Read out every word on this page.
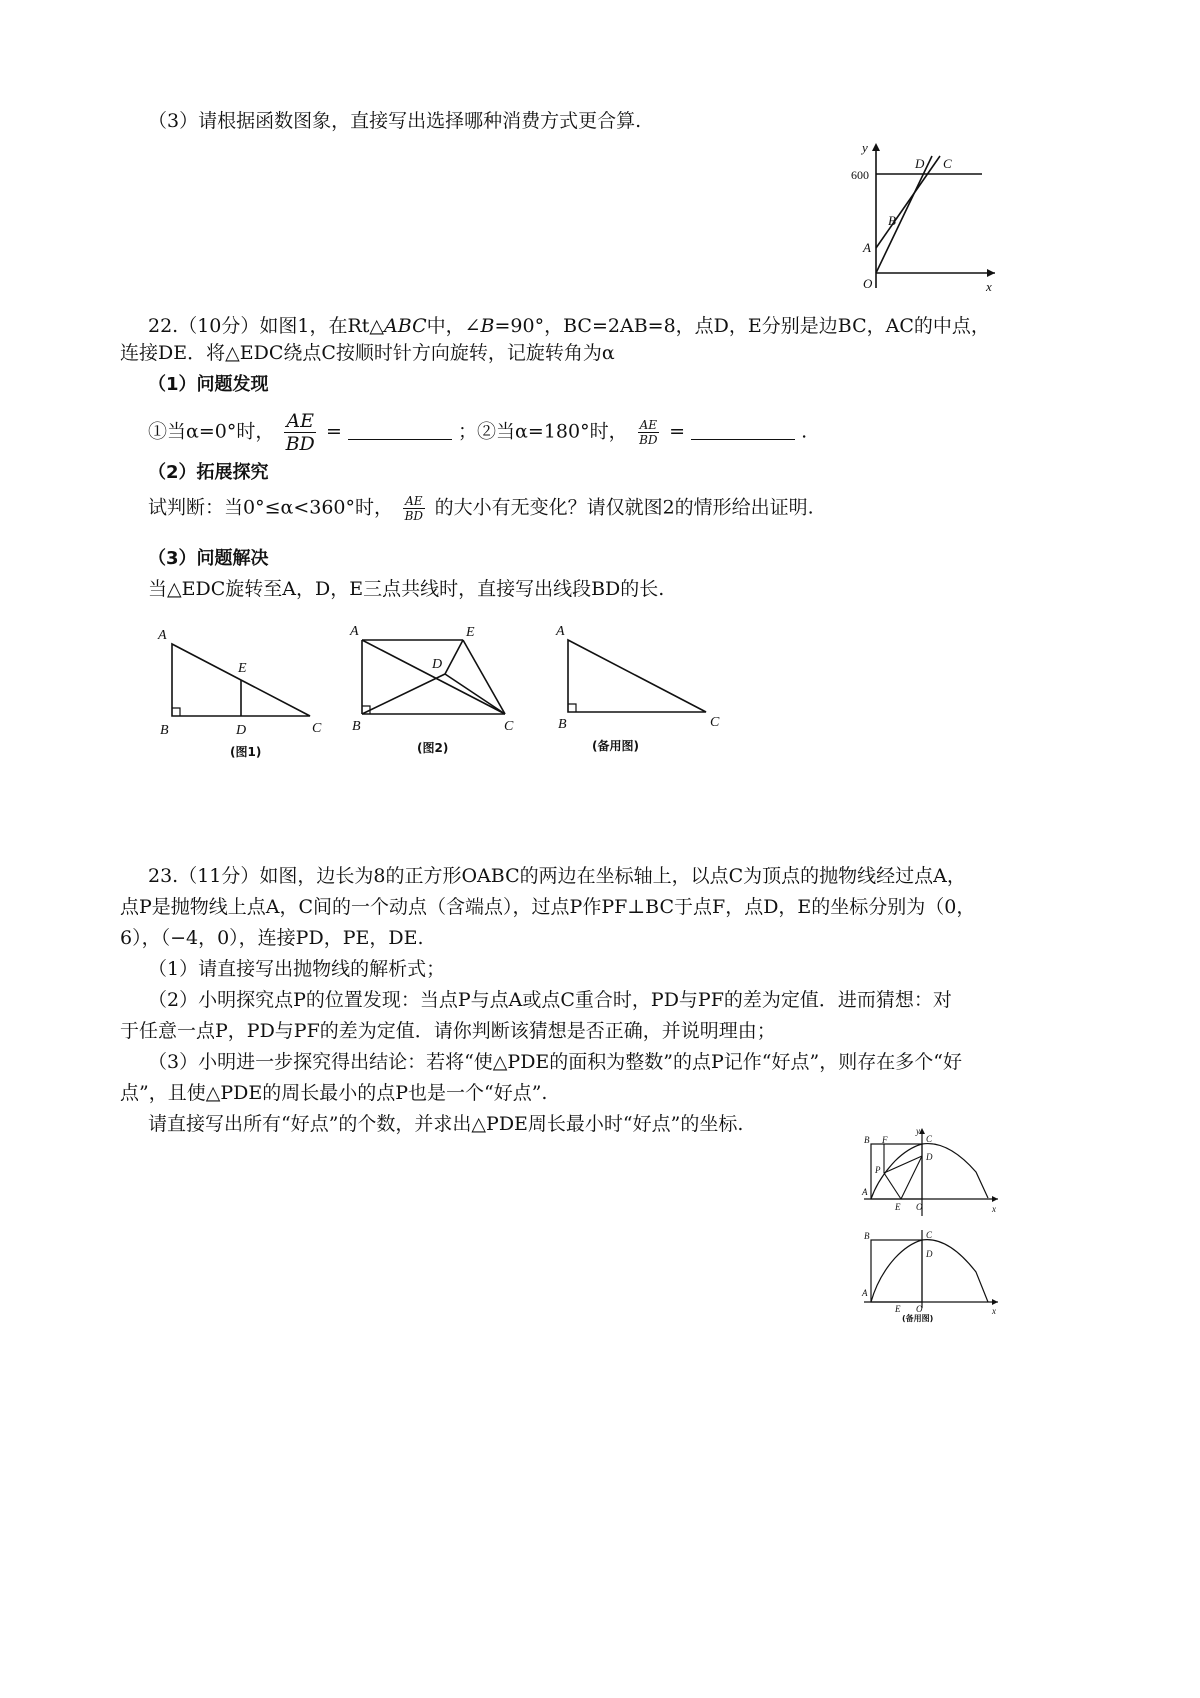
（3）请根据函数图象，直接写出选择哪种消费方式更合算.
y
x
O
600
A
B
D C
22.（10分）如图1，在Rt△ABC中，∠B=90°，BC=2AB=8，点D，E分别是边BC，AC的中点，
连接DE．将△EDC绕点C按顺时针方向旋转，记旋转角为α
（1）问题发现
①当α=0°时， $\frac{AE}{BD}$ =	；②当α=180°时， $\frac{AE}{BD}$ =	.
（2）拓展探究
试判断：当0°≤α<360°时， $\frac{AE}{BD}$ 的大小有无变化？请仅就图2的情形给出证明.
（3）问题解决
当△EDC旋转至A，D，E三点共线时，直接写出线段BD的长.
A
B	D	C
E
(图1)
A	E
D
B	C
(图2)
A
B	C
(备用图)
23.（11分）如图，边长为8的正方形OABC的两边在坐标轴上，以点C为顶点的抛物线经过点A，
点P是抛物线上点A，C间的一个动点（含端点），过点P作PF⊥BC于点F，点D，E的坐标分别为（0，
6），（−4，0），连接PD，PE，DE.
（1）请直接写出抛物线的解析式；
（2）小明探究点P的位置发现：当点P与点A或点C重合时，PD与PF的差为定值．进而猜想：对
于任意一点P，PD与PF的差为定值．请你判断该猜想是否正确，并说明理由；
（3）小明进一步探究得出结论：若将“使△PDE的面积为整数”的点P记作“好点”，则存在多个“好
点”，且使△PDE的周长最小的点P也是一个“好点”.
请直接写出所有“好点”的个数，并求出△PDE周长最小时“好点”的坐标.
B F
y
C
D
P
A
E O	x
B	C
D
A
E O	x
(备用图)
